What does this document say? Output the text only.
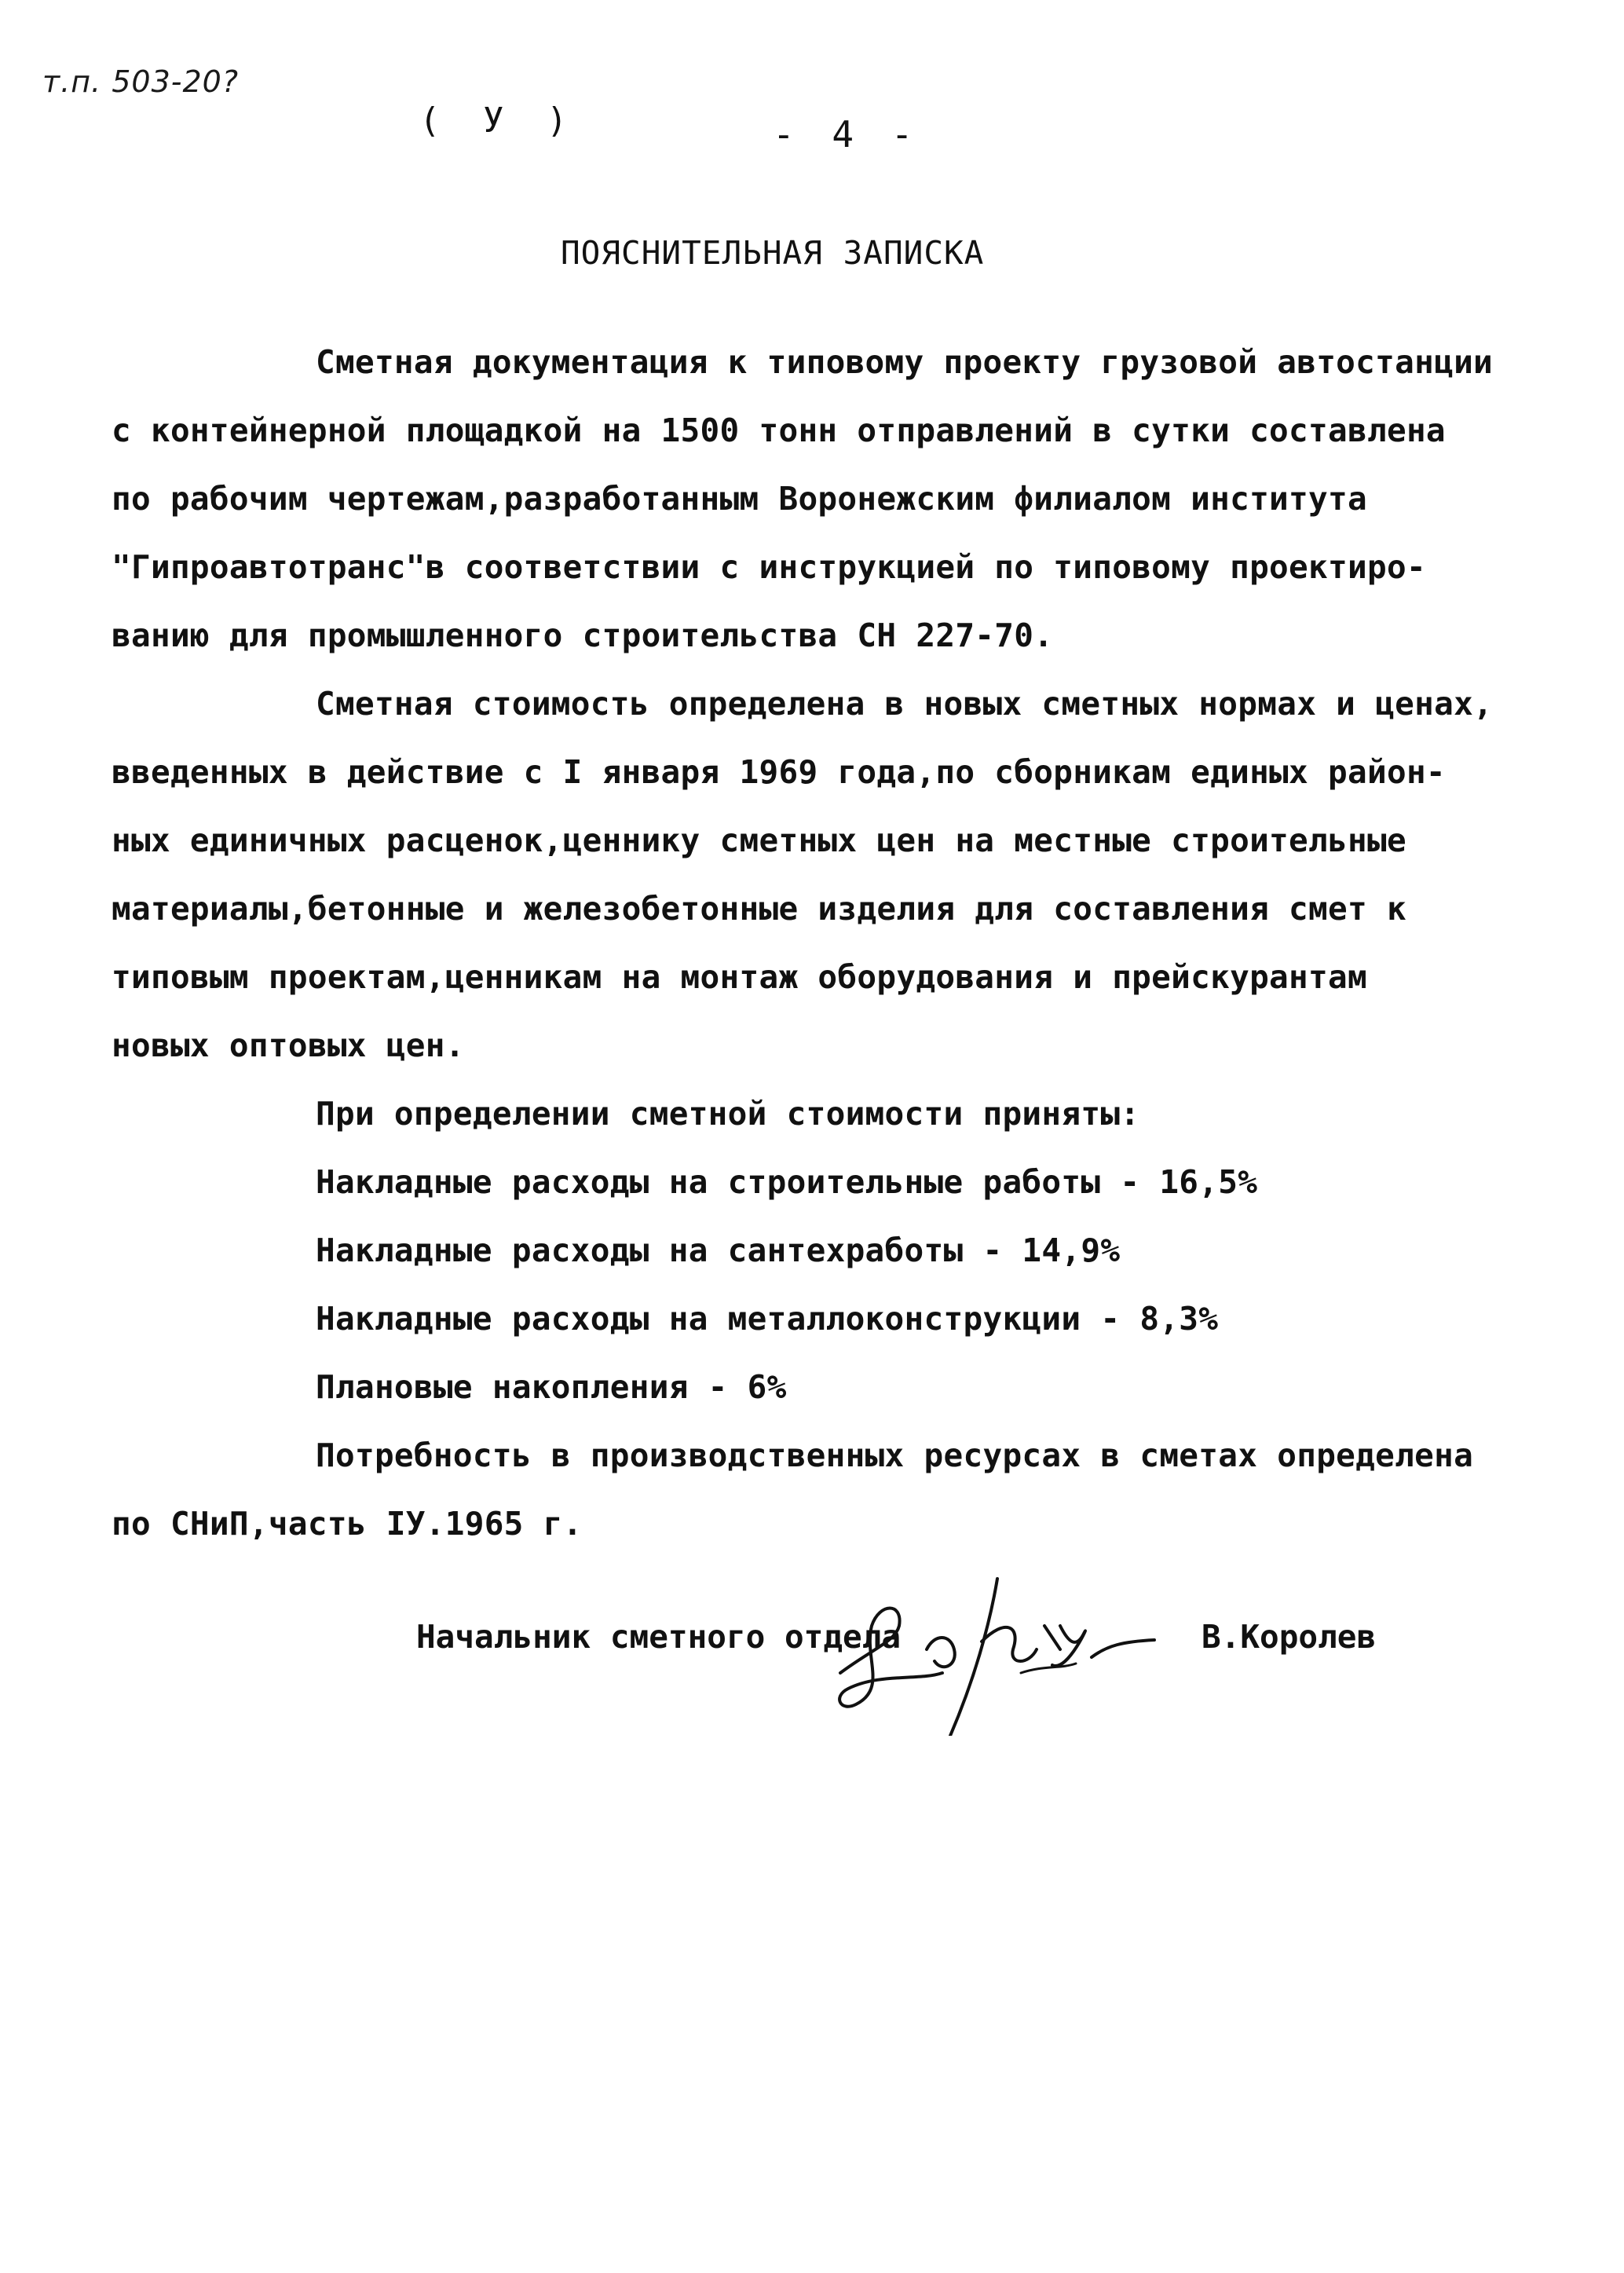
т.п. 503-20?
( У )	- 4 -
ПОЯСНИТЕЛЬНАЯ ЗАПИСКА
Сметная документация к типовому проекту грузовой автостанции
с контейнерной площадкой на 1500 тонн отправлений в сутки составлена
по рабочим чертежам,разработанным Воронежским филиалом института
"Гипроавтотранс"в соответствии с инструкцией по типовому проектиро-
ванию для промышленного строительства СН 227-70.
Сметная стоимость определена в новых сметных нормах и ценах,
введенных в действие с I января 1969 года,по сборникам единых район-
ных единичных расценок,ценнику сметных цен на местные строительные
материалы,бетонные и железобетонные изделия для составления смет к
типовым проектам,ценникам на монтаж оборудования и прейскурантам
новых оптовых цен.
При определении сметной стоимости приняты:
Накладные расходы на строительные работы - 16,5%
Накладные расходы на сантехработы - 14,9%
Накладные расходы на металлоконструкции - 8,3%
Плановые накопления - 6%
Потребность в производственных ресурсах в сметах определена
по СНиП,часть IУ.1965 г.
Начальник сметного отдела	В.Королев
